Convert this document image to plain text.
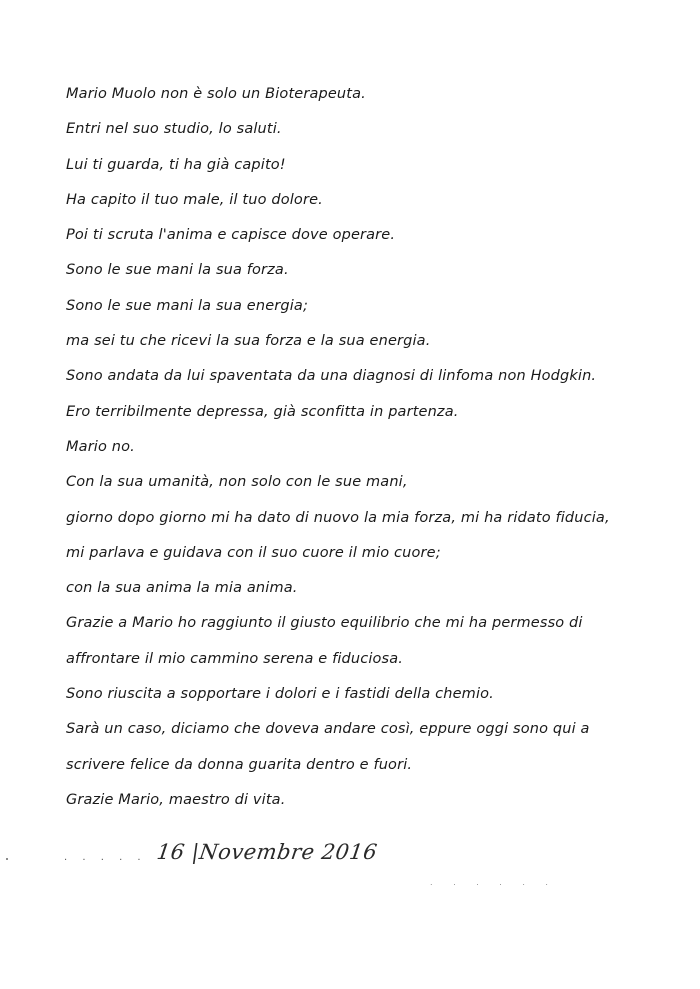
Mario Muolo non è solo un Bioterapeuta.
Entri nel suo studio, lo saluti.
Lui ti guarda, ti ha già capito!
Ha capito il tuo male, il tuo dolore.
Poi ti scruta l'anima e capisce dove operare.
Sono le sue mani la sua forza.
Sono le sue mani la sua energia;
ma sei tu che ricevi la sua forza e la sua energia.
Sono andata da lui spaventata da una diagnosi di linfoma non Hodgkin.
Ero terribilmente depressa, già sconfitta in partenza.
Mario no.
Con la sua umanità, non solo con le sue mani,
giorno dopo giorno mi ha dato di nuovo la mia forza, mi ha ridato fiducia,
mi parlava e guidava con il suo cuore il mio cuore;
con la sua anima la mia anima.
Grazie a Mario ho raggiunto il giusto equilibrio che mi ha permesso di
affrontare il mio cammino serena e fiduciosa.
Sono riuscita a sopportare i dolori e i fastidi della chemio.
Sarà un caso, diciamo che doveva andare così, eppure oggi sono qui a
scrivere felice da donna guarita dentro e fuori.
Grazie Mario, maestro di vita.
. . . . . 16 |Novembre 2016
. . . . . .
